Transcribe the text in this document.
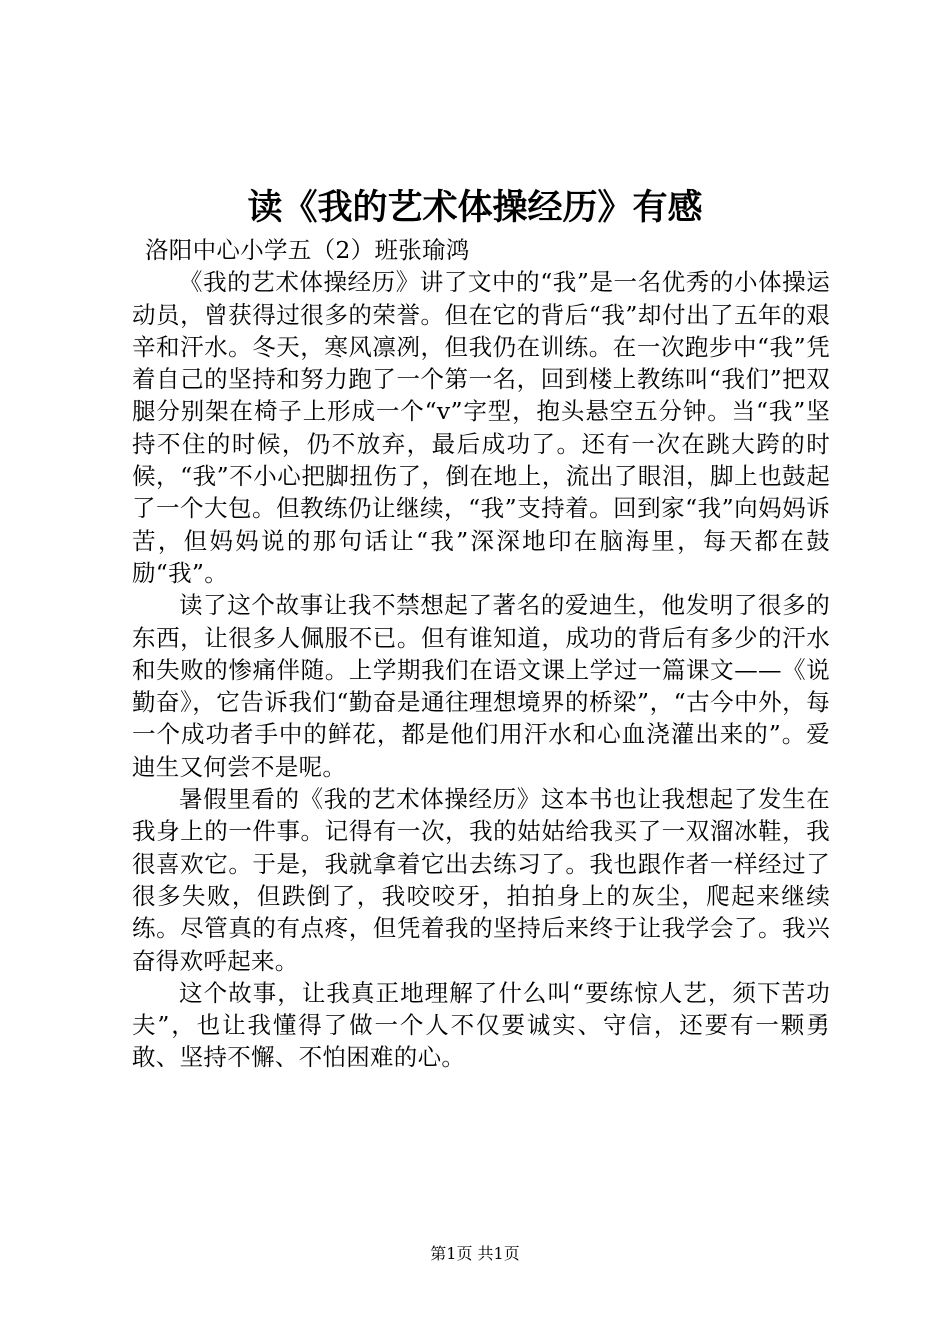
读《我的艺术体操经历》有感

洛阳中心小学五（2）班张瑜鸿

《我的艺术体操经历》讲了文中的“我”是一名优秀的小体操运动员，曾获得过很多的荣誉。但在它的背后“我”却付出了五年的艰辛和汗水。冬天，寒风凛冽，但我仍在训练。在一次跑步中“我”凭着自己的坚持和努力跑了一个第一名，回到楼上教练叫“我们”把双腿分别架在椅子上形成一个“v”字型，抱头悬空五分钟。当“我”坚持不住的时候，仍不放弃，最后成功了。还有一次在跳大跨的时候，“我”不小心把脚扭伤了，倒在地上，流出了眼泪，脚上也鼓起了一个大包。但教练仍让继续，“我”支持着。回到家“我”向妈妈诉苦，但妈妈说的那句话让“我”深深地印在脑海里，每天都在鼓励“我”。

读了这个故事让我不禁想起了著名的爱迪生，他发明了很多的东西，让很多人佩服不已。但有谁知道，成功的背后有多少的汗水和失败的惨痛伴随。上学期我们在语文课上学过一篇课文——《说勤奋》，它告诉我们“勤奋是通往理想境界的桥梁”，“古今中外，每一个成功者手中的鲜花，都是他们用汗水和心血浇灌出来的”。爱迪生又何尝不是呢。

暑假里看的《我的艺术体操经历》这本书也让我想起了发生在我身上的一件事。记得有一次，我的姑姑给我买了一双溜冰鞋，我很喜欢它。于是，我就拿着它出去练习了。我也跟作者一样经过了很多失败，但跌倒了，我咬咬牙，拍拍身上的灰尘，爬起来继续练。尽管真的有点疼，但凭着我的坚持后来终于让我学会了。我兴奋得欢呼起来。

这个故事，让我真正地理解了什么叫“要练惊人艺，须下苦功夫”，也让我懂得了做一个人不仅要诚实、守信，还要有一颗勇敢、坚持不懈、不怕困难的心。

第1页 共1页
